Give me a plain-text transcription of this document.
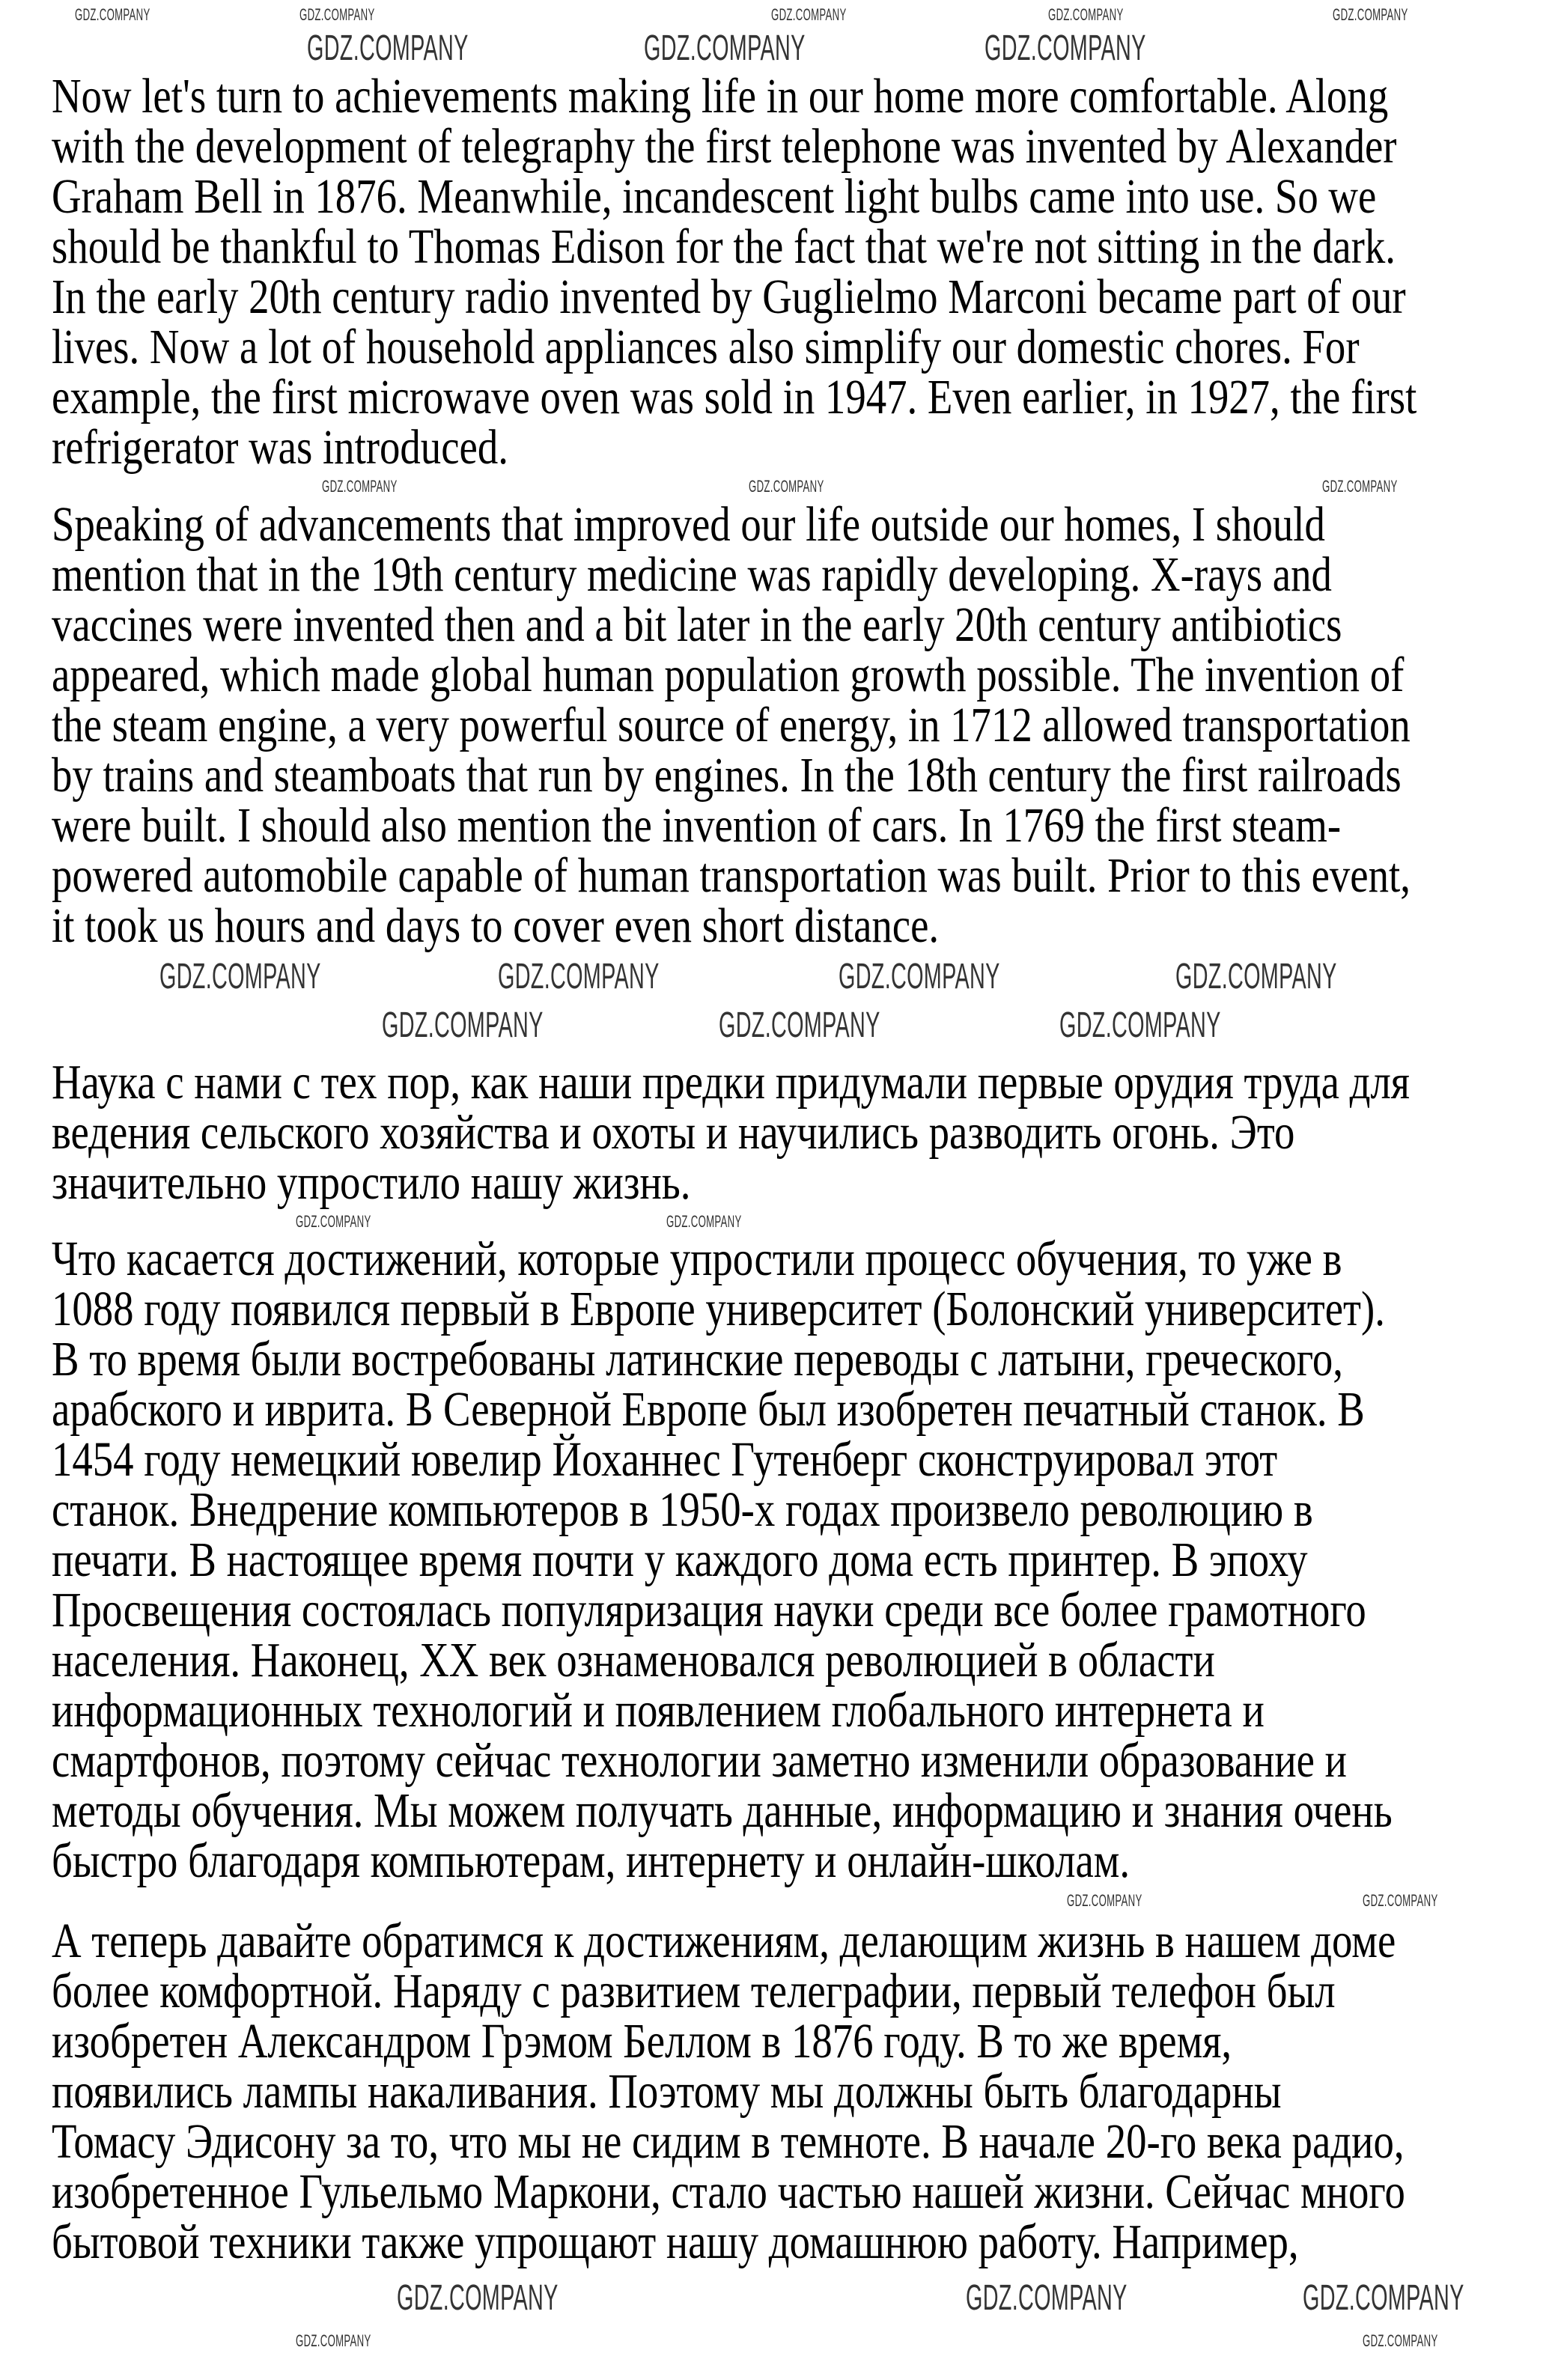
Now let's turn to achievements making life in our home more comfortable. Along
with the development of telegraphy the first telephone was invented by Alexander
Graham Bell in 1876. Meanwhile, incandescent light bulbs came into use. So we
should be thankful to Thomas Edison for the fact that we're not sitting in the dark.
In the early 20th century radio invented by Guglielmo Marconi became part of our
lives. Now a lot of household appliances also simplify our domestic chores. For
example, the first microwave oven was sold in 1947. Even earlier, in 1927, the first
refrigerator was introduced.
Speaking of advancements that improved our life outside our homes, I should
mention that in the 19th century medicine was rapidly developing. X-rays and
vaccines were invented then and a bit later in the early 20th century antibiotics
appeared, which made global human population growth possible. The invention of
the steam engine, a very powerful source of energy, in 1712 allowed transportation
by trains and steamboats that run by engines. In the 18th century the first railroads
were built. I should also mention the invention of cars. In 1769 the first steam-
powered automobile capable of human transportation was built. Prior to this event,
it took us hours and days to cover even short distance.
Наука с нами с тех пор, как наши предки придумали первые орудия труда для
ведения сельского хозяйства и охоты и научились разводить огонь. Это
значительно упростило нашу жизнь.
Что касается достижений, которые упростили процесс обучения, то уже в
1088 году появился первый в Европе университет (Болонский университет).
В то время были востребованы латинские переводы с латыни, греческого,
арабского и иврита. В Северной Европе был изобретен печатный станок. В
1454 году немецкий ювелир Йоханнес Гутенберг сконструировал этот
станок. Внедрение компьютеров в 1950-х годах произвело революцию в
печати. В настоящее время почти у каждого дома есть принтер. В эпоху
Просвещения состоялась популяризация науки среди все более грамотного
населения. Наконец, XX век ознаменовался революцией в области
информационных технологий и появлением глобального интернета и
смартфонов, поэтому сейчас технологии заметно изменили образование и
методы обучения. Мы можем получать данные, информацию и знания очень
быстро благодаря компьютерам, интернету и онлайн-школам.
А теперь давайте обратимся к достижениям, делающим жизнь в нашем доме
более комфортной. Наряду с развитием телеграфии, первый телефон был
изобретен Александром Грэмом Беллом в 1876 году. В то же время,
появились лампы накаливания. Поэтому мы должны быть благодарны
Томасу Эдисону за то, что мы не сидим в темноте. В начале 20-го века радио,
изобретенное Гульельмо Маркони, стало частью нашей жизни. Сейчас много
бытовой техники также упрощают нашу домашнюю работу. Например,
GDZ.COMPANY	GDZ.COMPANY	GDZ.COMPANY	GDZ.COMPANY	GDZ.COMPANY
GDZ.COMPANY	GDZ.COMPANY	GDZ.COMPANY
GDZ.COMPANY	GDZ.COMPANY	GDZ.COMPANY
GDZ.COMPANY	GDZ.COMPANY	GDZ.COMPANY	GDZ.COMPANY
GDZ.COMPANY	GDZ.COMPANY	GDZ.COMPANY
GDZ.COMPANY	GDZ.COMPANY
GDZ.COMPANY	GDZ.COMPANY
GDZ.COMPANY	GDZ.COMPANY	GDZ.COMPANY
GDZ.COMPANY	GDZ.COMPANY
